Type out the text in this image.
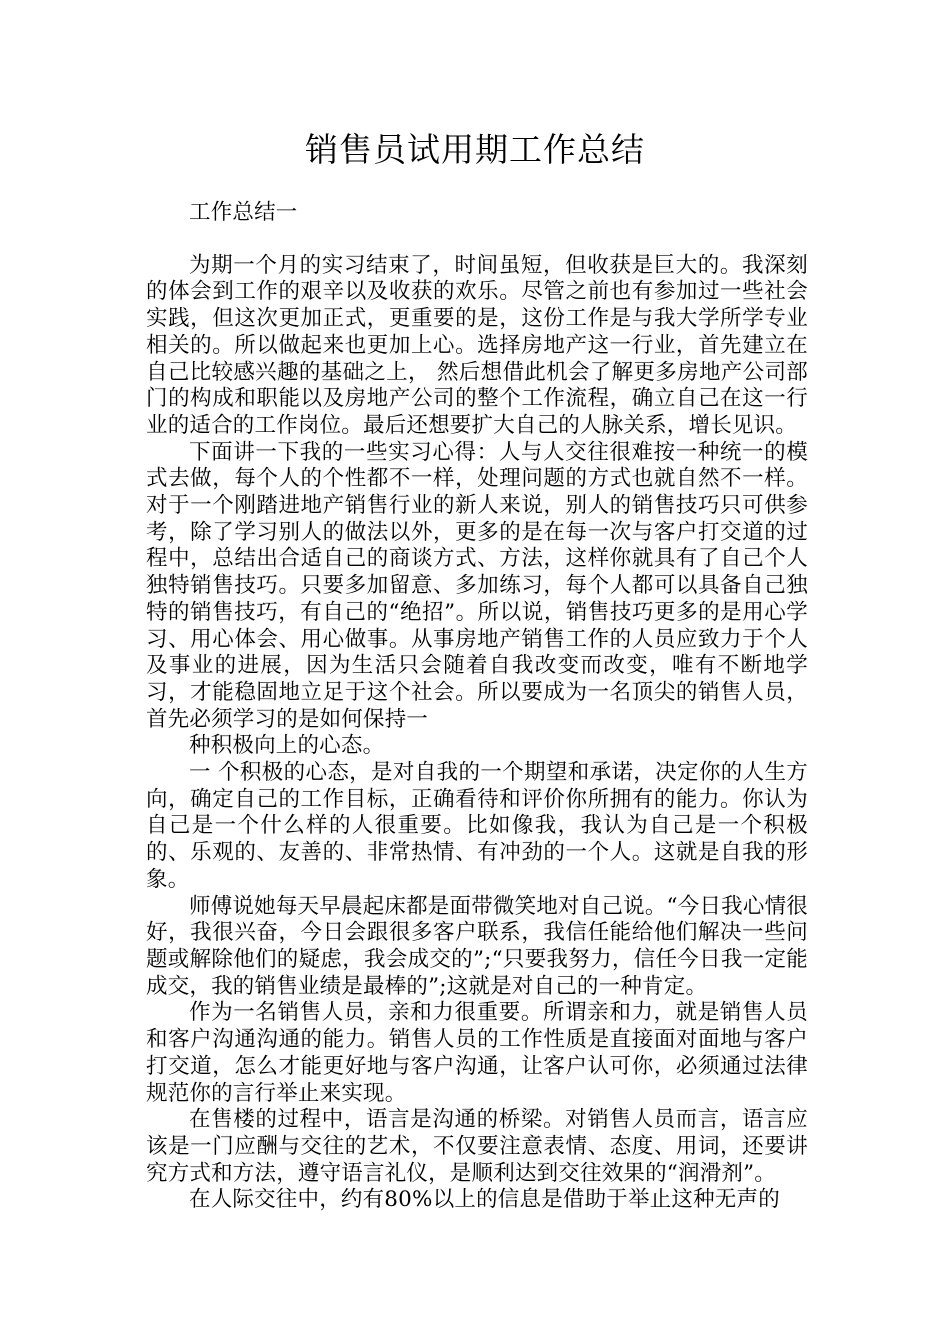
销售员试用期工作总结

工作总结一

为期一个月的实习结束了，时间虽短，但收获是巨大的。我深刻的体会到工作的艰辛以及收获的欢乐。尽管之前也有参加过一些社会实践，但这次更加正式，更重要的是，这份工作是与我大学所学专业相关的。所以做起来也更加上心。选择房地产这一行业，首先建立在自己比较感兴趣的基础之上， 然后想借此机会了解更多房地产公司部门的构成和职能以及房地产公司的整个工作流程，确立自己在这一行业的适合的工作岗位。最后还想要扩大自己的人脉关系，增长见识。

下面讲一下我的一些实习心得：人与人交往很难按一种统一的模式去做，每个人的个性都不一样，处理问题的方式也就自然不一样。对于一个刚踏进地产销售行业的新人来说，别人的销售技巧只可供参考，除了学习别人的做法以外，更多的是在每一次与客户打交道的过程中，总结出合适自己的商谈方式、方法，这样你就具有了自己个人独特销售技巧。只要多加留意、多加练习，每个人都可以具备自己独特的销售技巧，有自己的“绝招”。所以说，销售技巧更多的是用心学习、用心体会、用心做事。从事房地产销售工作的人员应致力于个人及事业的进展，因为生活只会随着自我改变而改变，唯有不断地学习，才能稳固地立足于这个社会。所以要成为一名顶尖的销售人员，首先必须学习的是如何保持一

种积极向上的心态。

一 个积极的心态，是对自我的一个期望和承诺，决定你的人生方向，确定自己的工作目标，正确看待和评价你所拥有的能力。你认为自己是一个什么样的人很重要。比如像我，我认为自己是一个积极的、乐观的、友善的、非常热情、有冲劲的一个人。这就是自我的形象。

师傅说她每天早晨起床都是面带微笑地对自己说。“今日我心情很好，我很兴奋，今日会跟很多客户联系，我信任能给他们解决一些问题或解除他们的疑虑，我会成交的”;“只要我努力，信任今日我一定能成交，我的销售业绩是最棒的”;这就是对自己的一种肯定。

作为一名销售人员，亲和力很重要。所谓亲和力，就是销售人员和客户沟通沟通的能力。销售人员的工作性质是直接面对面地与客户打交道，怎么才能更好地与客户沟通，让客户认可你，必须通过法律规范你的言行举止来实现。

在售楼的过程中，语言是沟通的桥梁。对销售人员而言，语言应该是一门应酬与交往的艺术，不仅要注意表情、态度、用词，还要讲究方式和方法，遵守语言礼仪，是顺利达到交往效果的“润滑剂”。

在人际交往中，约有80%以上的信息是借助于举止这种无声的
